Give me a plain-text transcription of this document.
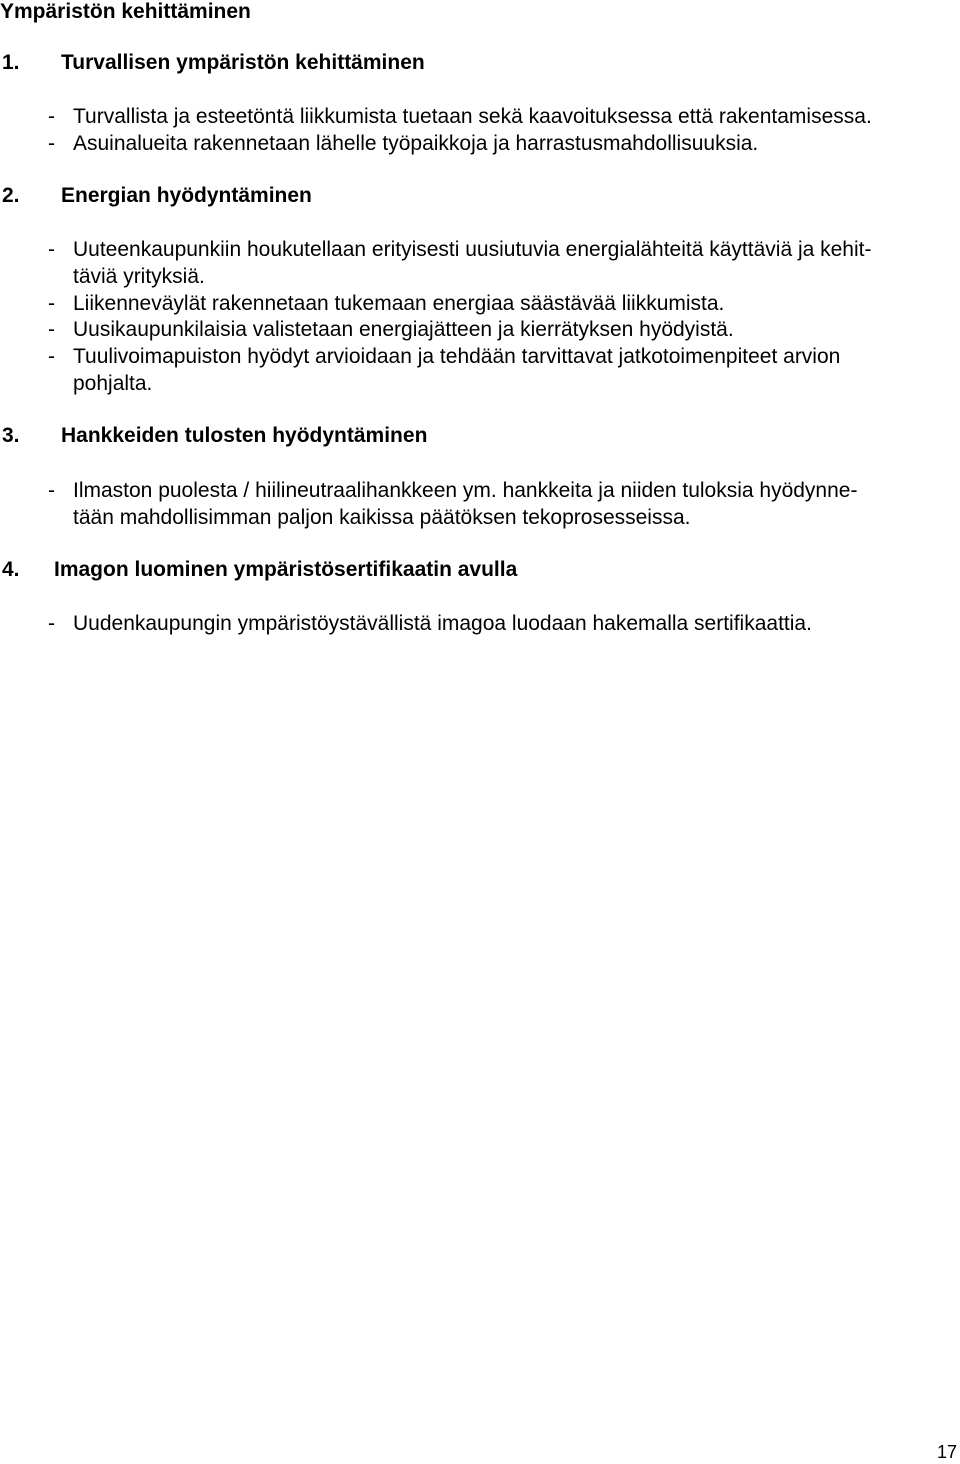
Ympäristön kehittäminen
1. Turvallisen ympäristön kehittäminen
- Turvallista ja esteetöntä liikkumista tuetaan sekä kaavoituksessa että rakentamisessa.
- Asuinalueita rakennetaan lähelle työpaikkoja ja harrastusmahdollisuuksia.
2. Energian hyödyntäminen
- Uuteenkaupunkiin houkutellaan erityisesti uusiutuvia energialähteitä käyttäviä ja kehit-
täviä yrityksiä.
- Liikenneväylät rakennetaan tukemaan energiaa säästävää liikkumista.
- Uusikaupunkilaisia valistetaan energiajätteen ja kierrätyksen hyödyistä.
- Tuulivoimapuiston hyödyt arvioidaan ja tehdään tarvittavat jatkotoimenpiteet arvion
pohjalta.
3. Hankkeiden tulosten hyödyntäminen
- Ilmaston puolesta / hiilineutraalihankkeen ym. hankkeita ja niiden tuloksia hyödynne-
tään mahdollisimman paljon kaikissa päätöksen tekoprosesseissa.
4. Imagon luominen ympäristösertifikaatin avulla
- Uudenkaupungin ympäristöystävällistä imagoa luodaan hakemalla sertifikaattia.
17
